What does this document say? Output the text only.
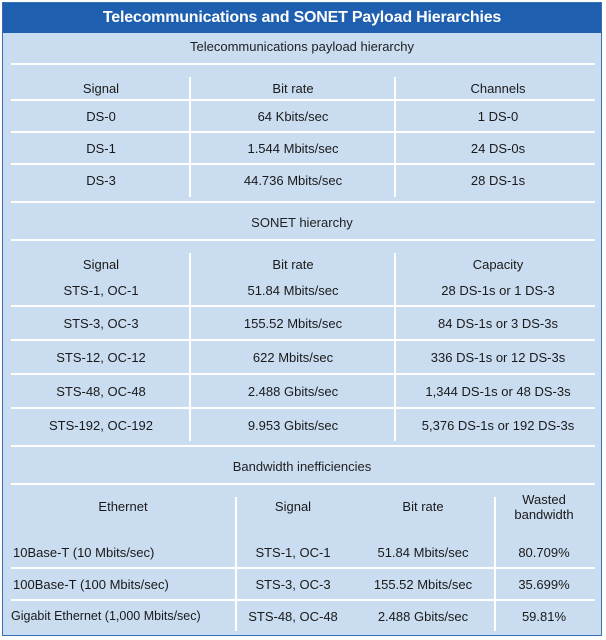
Telecommunications and SONET Payload Hierarchies
Telecommunications payload hierarchy
Signal	Bit rate	Channels
DS-0	64 Kbits/sec	1 DS-0
DS-1	1.544 Mbits/sec	24 DS-0s
DS-3	44.736 Mbits/sec	28 DS-1s
SONET hierarchy
Signal	Bit rate	Capacity
STS-1, OC-1	51.84 Mbits/sec	28 DS-1s or 1 DS-3
STS-3, OC-3	155.52 Mbits/sec	84 DS-1s or 3 DS-3s
STS-12, OC-12	622 Mbits/sec	336 DS-1s or 12 DS-3s
STS-48, OC-48	2.488 Gbits/sec	1,344 DS-1s or 48 DS-3s
STS-192, OC-192	9.953 Gbits/sec	5,376 DS-1s or 192 DS-3s
Bandwidth inefficiencies
Ethernet	Signal	Bit rate	Wasted bandwidth
10Base-T (10 Mbits/sec)	STS-1, OC-1	51.84 Mbits/sec	80.709%
100Base-T (100 Mbits/sec)	STS-3, OC-3	155.52 Mbits/sec	35.699%
Gigabit Ethernet (1,000 Mbits/sec)	STS-48, OC-48	2.488 Gbits/sec	59.81%
